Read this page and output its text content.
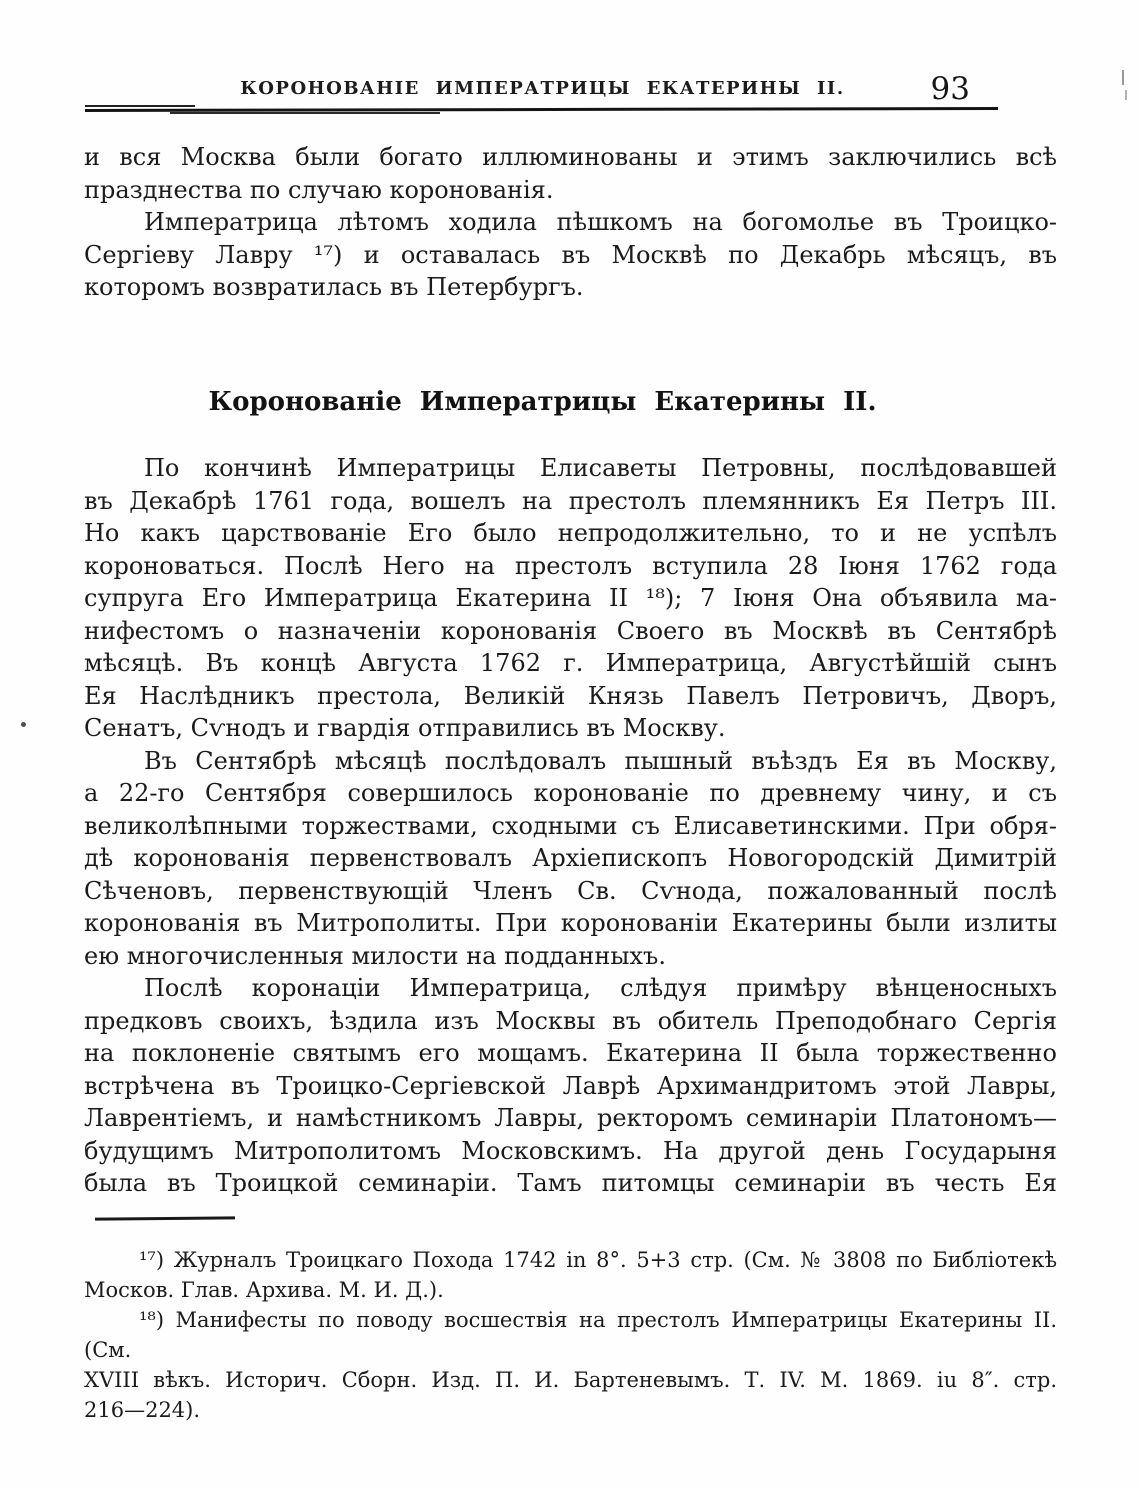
КОРОНОВАНІЕ ИМПЕРАТРИЦЫ ЕКАТЕРИНЫ II.	93
и вся Москва были богато иллюминованы и этимъ заключились всѣ
празднества по случаю коронованія.
Императрица лѣтомъ ходила пѣшкомъ на богомолье въ Троицко-
Сергіеву Лавру ¹⁷) и оставалась въ Москвѣ по Декабрь мѣсяцъ, въ
которомъ возвратилась въ Петербургъ.
Коронованіе Императрицы Екатерины II.
По кончинѣ Императрицы Елисаветы Петровны, послѣдовавшей
въ Декабрѣ 1761 года, вошелъ на престолъ племянникъ Ея Петръ III.
Но какъ царствованіе Его было непродолжительно, то и не успѣлъ
короноваться. Послѣ Него на престолъ вступила 28 Іюня 1762 года
супруга Его Императрица Екатерина II ¹⁸); 7 Іюня Она объявила ма-
нифестомъ о назначеніи коронованія Своего въ Москвѣ въ Сентябрѣ
мѣсяцѣ. Въ концѣ Августа 1762 г. Императрица, Августѣйшій сынъ
Ея Наслѣдникъ престола, Великій Князь Павелъ Петровичъ, Дворъ,
Сенатъ, Сѵнодъ и гвардія отправились въ Москву.
Въ Сентябрѣ мѣсяцѣ послѣдовалъ пышный въѣздъ Ея въ Москву,
а 22-го Сентября совершилось коронованіе по древнему чину, и съ
великолѣпными торжествами, сходными съ Елисаветинскими. При обря-
дѣ коронованія первенствовалъ Архіепископъ Новогородскій Димитрій
Сѣченовъ, первенствующій Членъ Св. Сѵнода, пожалованный послѣ
коронованія въ Митрополиты. При коронованіи Екатерины были излиты
ею многочисленныя милости на подданныхъ.
Послѣ коронаціи Императрица, слѣдуя примѣру вѣнценосныхъ
предковъ своихъ, ѣздила изъ Москвы въ обитель Преподобнаго Сергія
на поклоненіе святымъ его мощамъ. Екатерина II была торжественно
встрѣчена въ Троицко-Сергіевской Лаврѣ Архимандритомъ этой Лавры,
Лаврентіемъ, и намѣстникомъ Лавры, ректоромъ семинаріи Платономъ—
будущимъ Митрополитомъ Московскимъ. На другой день Государыня
была въ Троицкой семинаріи. Тамъ питомцы семинаріи въ честь Ея
¹⁷) Журналъ Троицкаго Похода 1742 in 8°. 5+3 стр. (См. № 3808 по Библіотекѣ
Москов. Глав. Архива. М. И. Д.).
¹⁸) Манифесты по поводу восшествія на престолъ Императрицы Екатерины II. (См.
XVIII вѣкъ. Историч. Сборн. Изд. П. И. Бартеневымъ. Т. IV. М. 1869. iu 8″. стр.
216—224).
